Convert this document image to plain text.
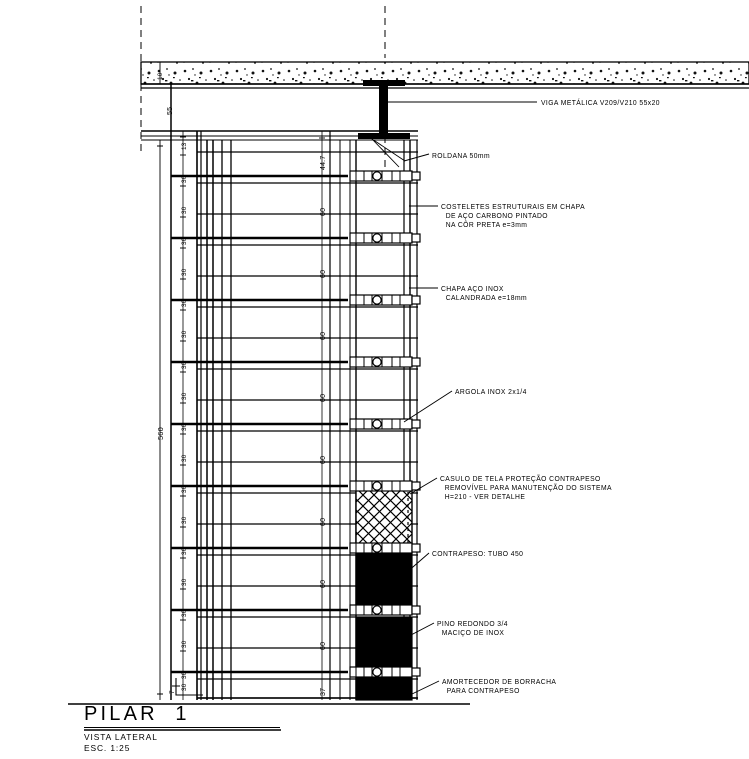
VIGA METÁLICA V209/V210 55x20
ROLDANA 50mm
COSTELETES ESTRUTURAIS EM CHAPA
DE AÇO CARBONO PINTADO
NA CÔR PRETA e=3mm
CHAPA AÇO INOX
CALANDRADA e=18mm
ARGOLA INOX 2x1/4
CASULO DE TELA PROTEÇÃO CONTRAPESO
REMOVÍVEL PARA MANUTENÇÃO DO SISTEMA
H=210 - VER DETALHE
CONTRAPESO: TUBO 450
PINO REDONDO 3/4
MACIÇO DE INOX
AMORTECEDOR DE BORRACHA
PARA CONTRAPESO
10
55
560
7
13
30
30
30
30
30
30
30
30
30
30
30
30
30
30
30
30
30
30
44.7
60
60
60
60
60
60
60
60
37
PILAR  1
VISTA LATERAL
ESC. 1:25
